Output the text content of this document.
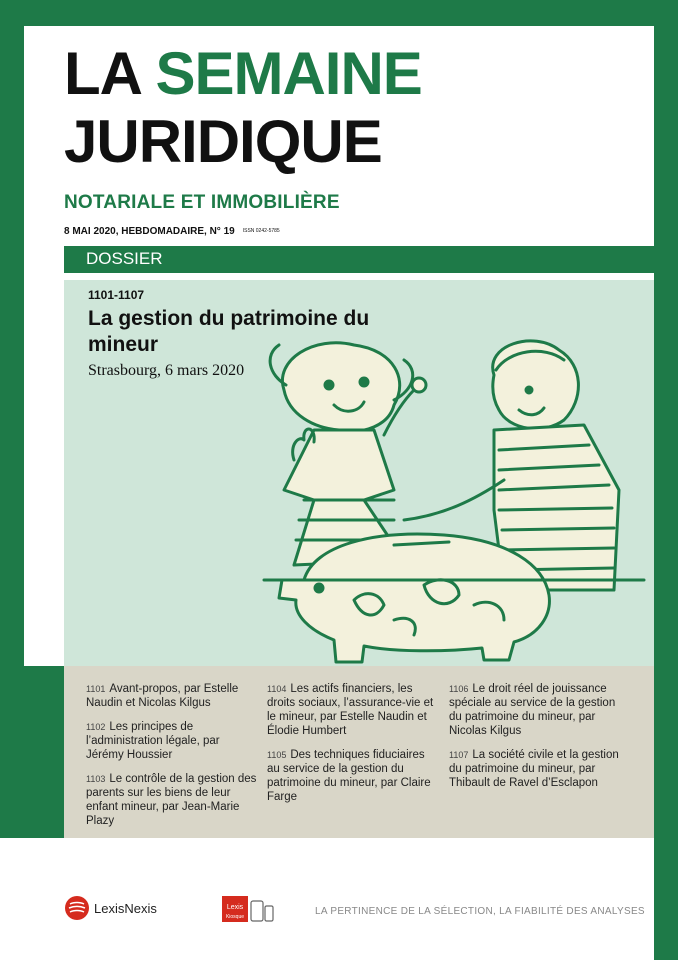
LA SEMAINE
JURIDIQUE
NOTARIALE ET IMMOBILIÈRE
8 MAI 2020, HEBDOMADAIRE, N° 19 ISSN 0242-5785
DOSSIER
1101-1107
La gestion du patrimoine du mineur
Strasbourg, 6 mars 2020
1101 Avant-propos, par Estelle Naudin et Nicolas Kilgus
1102 Les principes de l’administration légale, par Jérémy Houssier
1103 Le contrôle de la gestion des parents sur les biens de leur enfant mineur, par Jean-Marie Plazy
1104 Les actifs financiers, les droits sociaux, l’assurance-vie et le mineur, par Estelle Naudin et Élodie Humbert
1105 Des techniques fiduciaires au service de la gestion du patrimoine du mineur, par Claire Farge
1106 Le droit réel de jouissance spéciale au service de la gestion du patrimoine du mineur, par Nicolas Kilgus
1107 La société civile et la gestion du patrimoine du mineur, par Thibault de Ravel d’Esclapon
LexisNexis	Lexis
Kiosque	LA PERTINENCE DE LA SÉLECTION, LA FIABILITÉ DES ANALYSES
